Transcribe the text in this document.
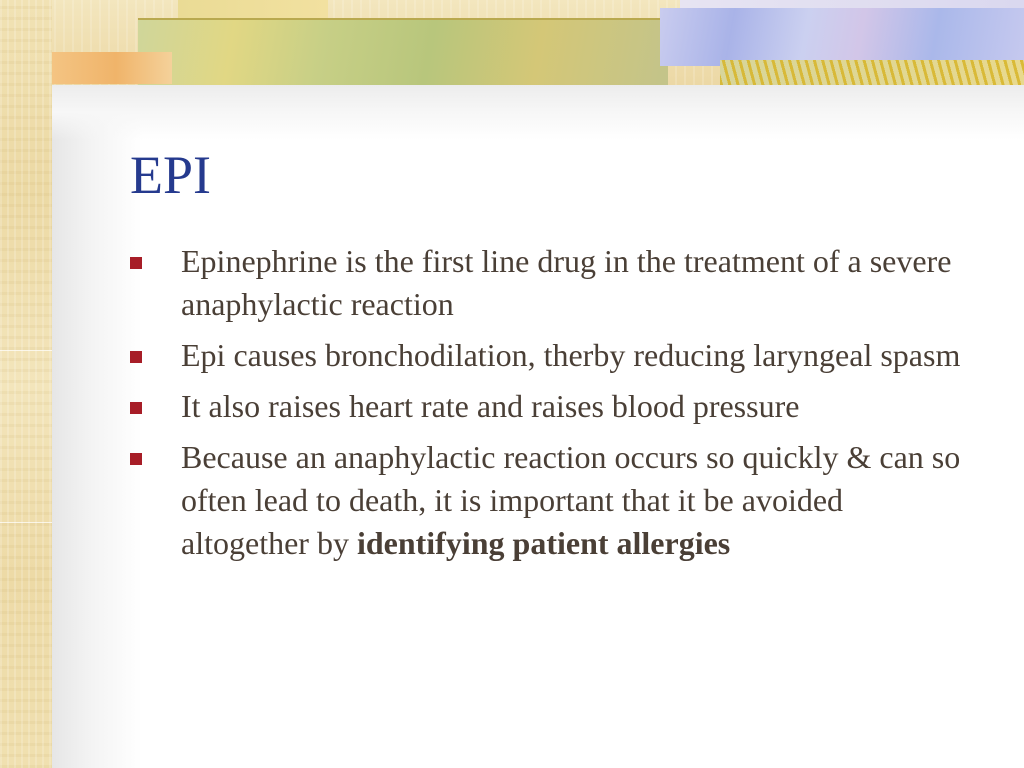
EPI
Epinephrine is the first line drug in the treatment of a severe anaphylactic reaction
Epi causes bronchodilation, therby reducing laryngeal spasm
It also raises heart rate and raises blood pressure
Because an anaphylactic reaction occurs so quickly & can so often lead to death, it is important that it be avoided altogether by identifying patient allergies
